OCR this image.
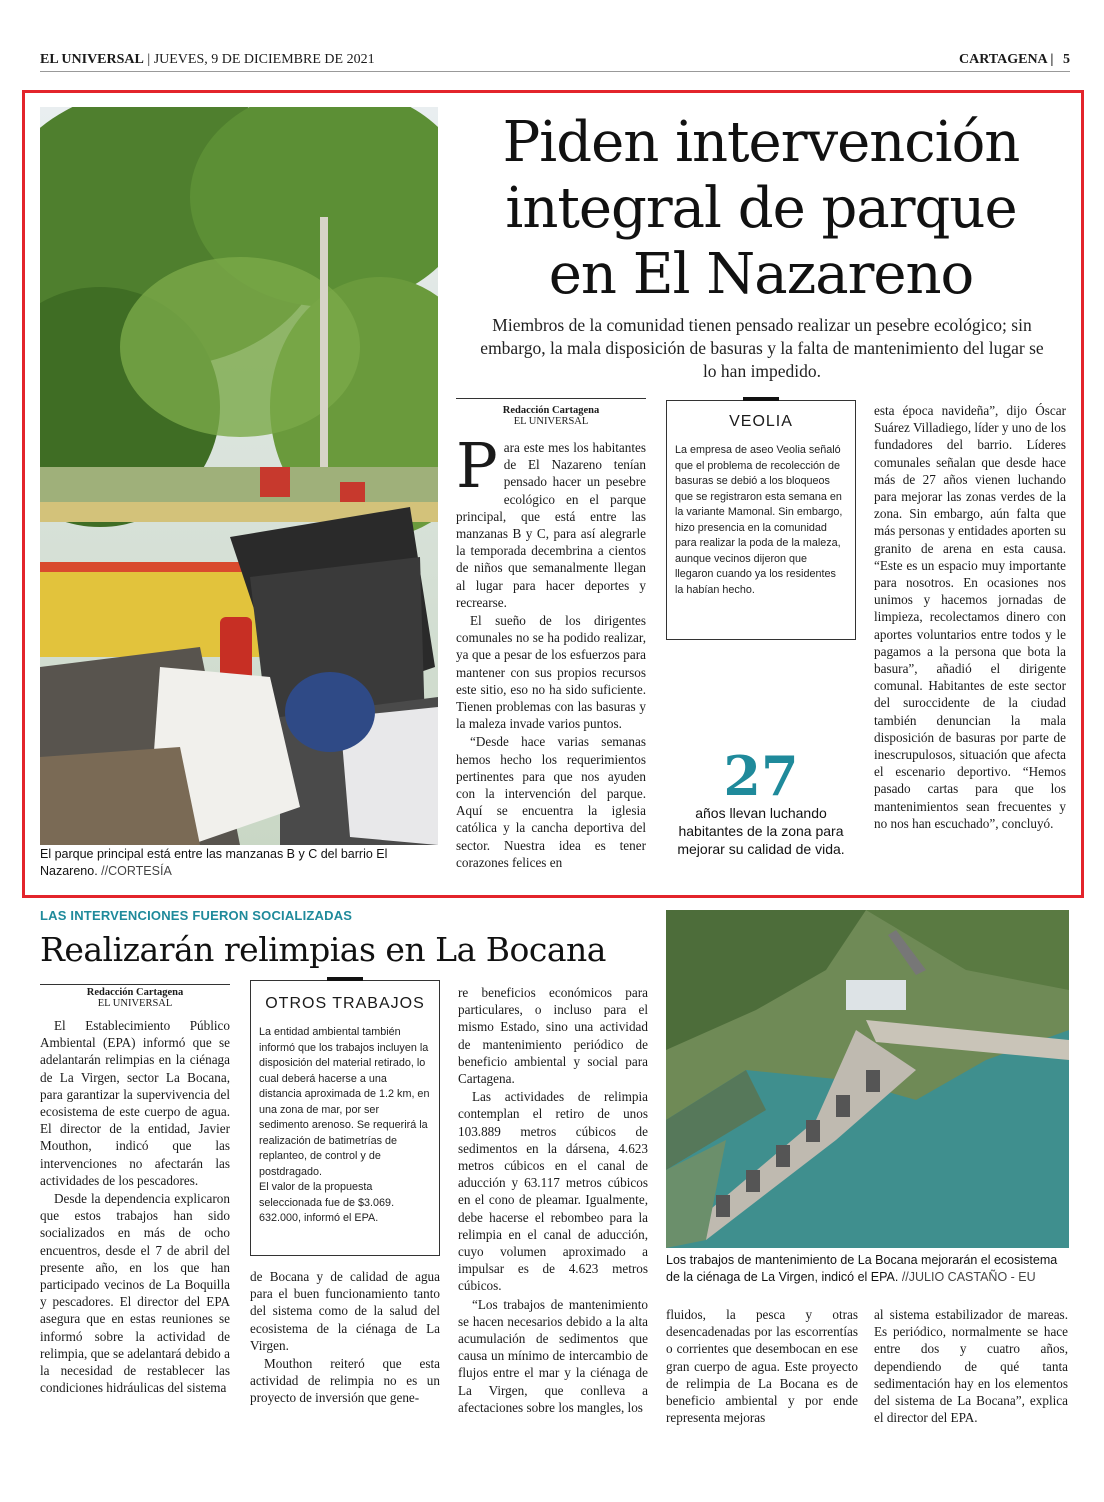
EL UNIVERSAL | JUEVES, 9 DE DICIEMBRE DE 2021	CARTAGENA | 5
El parque principal está entre las manzanas B y C del barrio El Nazareno. //CORTESÍA
Piden intervención
integral de parque
en El Nazareno
Miembros de la comunidad tienen pensado realizar un pesebre ecológico; sin embargo, la mala disposición de basuras y la falta de mantenimiento del lugar se lo han impedido.
Redacción Cartagena
EL UNIVERSAL

Para este mes los habitantes de El Nazareno tenían pensado hacer un pesebre ecológico en el parque principal, que está entre las manzanas B y C, para así alegrarle la temporada decembrina a cientos de niños que semanalmente llegan al lugar para hacer deportes y recrearse.

El sueño de los dirigentes comunales no se ha podido realizar, ya que a pesar de los esfuerzos para mantener con sus propios recursos este sitio, eso no ha sido suficiente. Tienen problemas con las basuras y la maleza invade varios puntos.

“Desde hace varias semanas hemos hecho los requerimientos pertinentes para que nos ayuden con la intervención del parque. Aquí se encuentra la iglesia católica y la cancha deportiva del sector. Nuestra idea es tener corazones felices en

VEOLIA

La empresa de aseo Veolia señaló que el problema de recolección de basuras se debió a los bloqueos que se registraron esta semana en la variante Mamonal. Sin embargo, hizo presencia en la comunidad para realizar la poda de la maleza, aunque vecinos dijeron que llegaron cuando ya los residentes la habían hecho.

27
años llevan luchando habitantes de la zona para mejorar su calidad de vida.

esta época navideña”, dijo Óscar Suárez Villadiego, líder y uno de los fundadores del barrio. Líderes comunales señalan que desde hace más de 27 años vienen luchando para mejorar las zonas verdes de la zona. Sin embargo, aún falta que más personas y entidades aporten su granito de arena en esta causa. “Este es un espacio muy importante para nosotros. En ocasiones nos unimos y hacemos jornadas de limpieza, recolectamos dinero con aportes voluntarios entre todos y le pagamos a la persona que bota la basura”, añadió el dirigente comunal. Habitantes de este sector del suroccidente de la ciudad también denuncian la mala disposición de basuras por parte de inescrupulosos, situación que afecta el escenario deportivo. “Hemos pasado cartas para que los mantenimientos sean frecuentes y no nos han escuchado”, concluyó.

LAS INTERVENCIONES FUERON SOCIALIZADAS
Realizarán relimpias en La Bocana
Redacción Cartagena
EL UNIVERSAL

El Establecimiento Público Ambiental (EPA) informó que se adelantarán relimpias en la ciénaga de La Virgen, sector La Bocana, para garantizar la supervivencia del ecosistema de este cuerpo de agua. El director de la entidad, Javier Mouthon, indicó que las intervenciones no afectarán las actividades de los pescadores.

Desde la dependencia explicaron que estos trabajos han sido socializados en más de ocho encuentros, desde el 7 de abril del presente año, en los que han participado vecinos de La Boquilla y pescadores. El director del EPA asegura que en estas reuniones se informó sobre la actividad de relimpia, que se adelantará debido a la necesidad de restablecer las condiciones hidráulicas del sistema

OTROS TRABAJOS

La entidad ambiental también informó que los trabajos incluyen la disposición del material retirado, lo cual deberá hacerse a una distancia aproximada de 1.2 km, en una zona de mar, por ser sedimento arenoso. Se requerirá la realización de batimetrías de replanteo, de control y de postdragado.

El valor de la propuesta seleccionada fue de $3.069. 632.000, informó el EPA.

de Bocana y de calidad de agua para el buen funcionamiento tanto del sistema como de la salud del ecosistema de la ciénaga de La Virgen.

Mouthon reiteró que esta actividad de relimpia no es un proyecto de inversión que gene-

re beneficios económicos para particulares, o incluso para el mismo Estado, sino una actividad de mantenimiento periódico de beneficio ambiental y social para Cartagena.

Las actividades de relimpia contemplan el retiro de unos 103.889 metros cúbicos de sedimentos en la dársena, 4.623 metros cúbicos en el canal de aducción y 63.117 metros cúbicos en el cono de pleamar. Igualmente, debe hacerse el rebombeo para la relimpia en el canal de aducción, cuyo volumen aproximado a impulsar es de 4.623 metros cúbicos.

“Los trabajos de mantenimiento se hacen necesarios debido a la alta acumulación de sedimentos que causa un mínimo de intercambio de flujos entre el mar y la ciénaga de La Virgen, que conlleva a afectaciones sobre los mangles, los

Los trabajos de mantenimiento de La Bocana mejorarán el ecosistema de la ciénaga de La Virgen, indicó el EPA. //JULIO CASTAÑO - EU

fluidos, la pesca y otras desencadenadas por las escorrentías o corrientes que desembocan en ese gran cuerpo de agua. Este proyecto de relimpia de La Bocana es de beneficio ambiental y por ende representa mejoras

al sistema estabilizador de mareas. Es periódico, normalmente se hace entre dos y cuatro años, dependiendo de qué tanta sedimentación hay en los elementos del sistema de La Bocana”, explica el director del EPA.
